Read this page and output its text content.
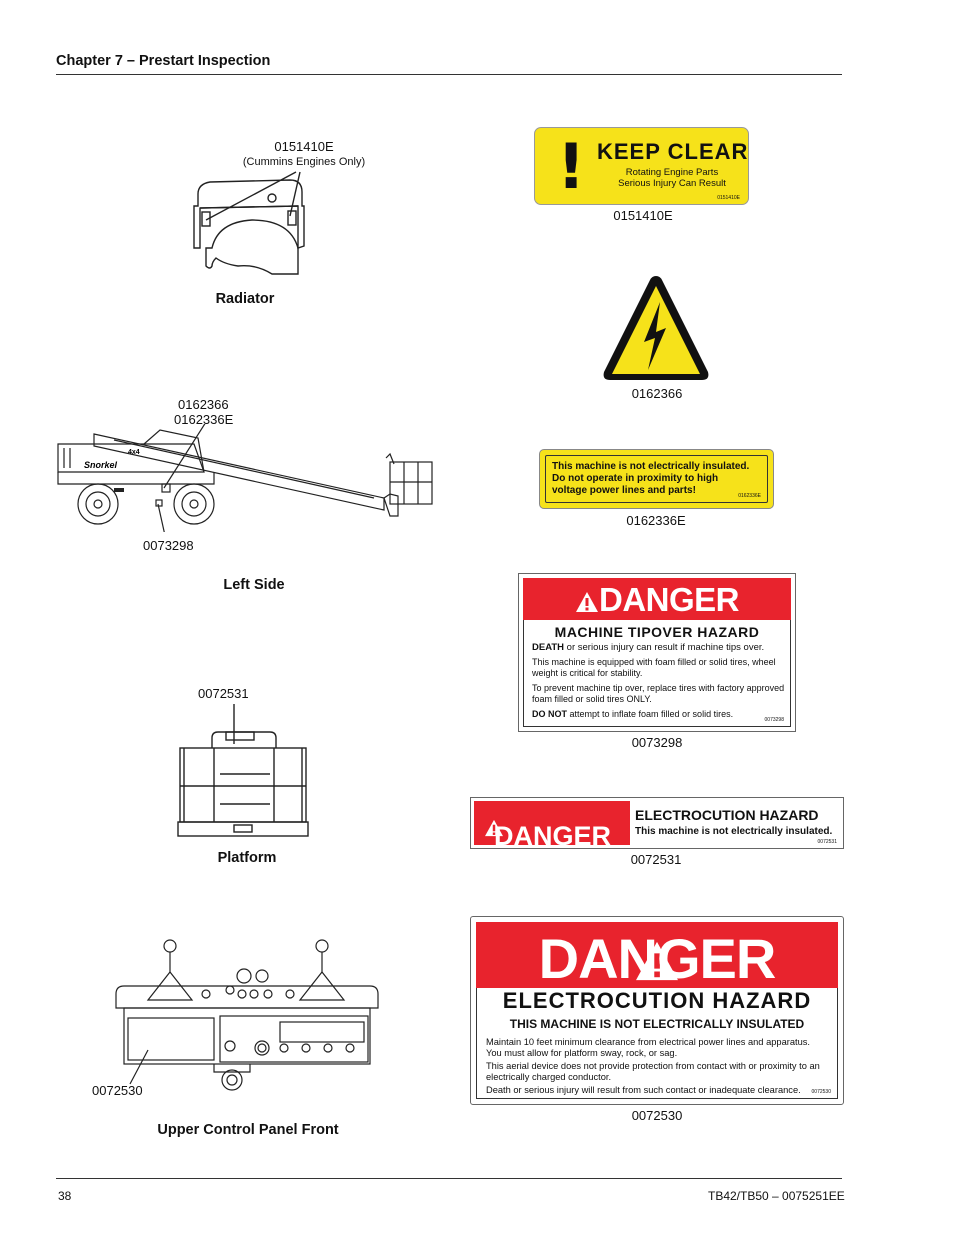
Chapter 7 – Prestart Inspection
0151410E
(Cummins Engines Only)
Radiator
0162366
0162336E
Snorkel
4x4
0073298
Left Side
0072531
Platform
0072530
Upper Control Panel Front
! KEEP CLEAR
Rotating Engine Parts
Serious Injury Can Result
0151410E
0151410E
0162366
This machine is not electrically insulated.
Do not operate in proximity to high
voltage power lines and parts!	0162336E
0162336E
DANGER
MACHINE TIPOVER HAZARD
DEATH or serious injury can result if machine tips over.
This machine is equipped with foam filled or solid tires, wheel
weight is critical for stability.
To prevent machine tip over, replace tires with factory approved
foam filled or solid tires ONLY.
DO NOT attempt to inflate foam filled or solid tires.
0073298
0073298
DANGER
ELECTROCUTION HAZARD
This machine is not electrically insulated.
0072531
0072531
DANGER
ELECTROCUTION HAZARD
THIS MACHINE IS NOT ELECTRICALLY INSULATED
Maintain 10 feet minimum clearance from electrical power lines and apparatus.
You must allow for platform sway, rock, or sag.
This aerial device does not provide protection from contact with or proximity to an
electrically charged conductor.
Death or serious injury will result from such contact or inadequate clearance. 0072530
0072530
38	TB42/TB50 – 0075251EE
